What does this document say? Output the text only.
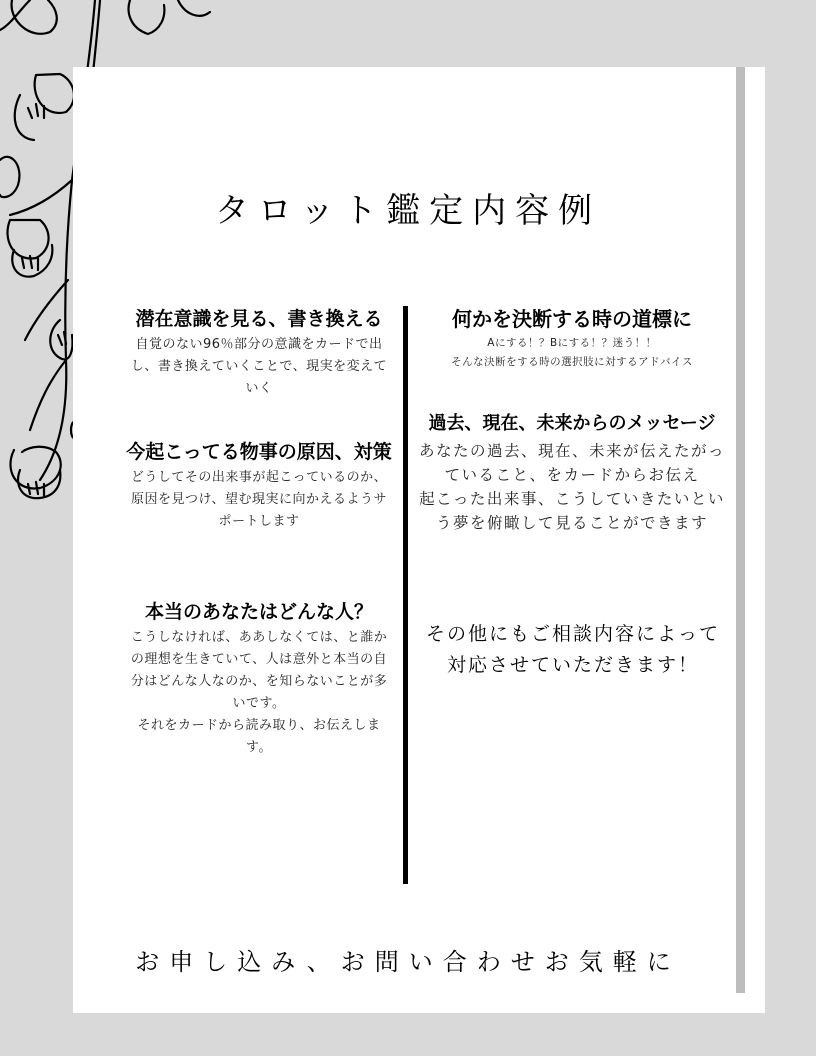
タロット鑑定内容例
潜在意識を見る、書き換える
自覚のない96％部分の意識をカードで出し、書き換えていくことで、現実を変えていく
今起こってる物事の原因、対策
どうしてその出来事が起こっているのか、原因を見つけ、望む現実に向かえるようサポートします
本当のあなたはどんな人？
こうしなければ、ああしなくては、と誰かの理想を生きていて、人は意外と本当の自分はどんな人なのか、を知らないことが多いです。
それをカードから読み取り、お伝えします。
何かを決断する時の道標に
Aにする！？Bにする！？迷う！！
そんな決断をする時の選択肢に対するアドバイス
過去、現在、未来からのメッセージ
あなたの過去、現在、未来が伝えたがっていること、をカードからお伝え
起こった出来事、こうしていきたいという夢を俯瞰して見ることができます
その他にもご相談内容によって対応させていただきます！
お申し込み、お問い合わせお気軽に
